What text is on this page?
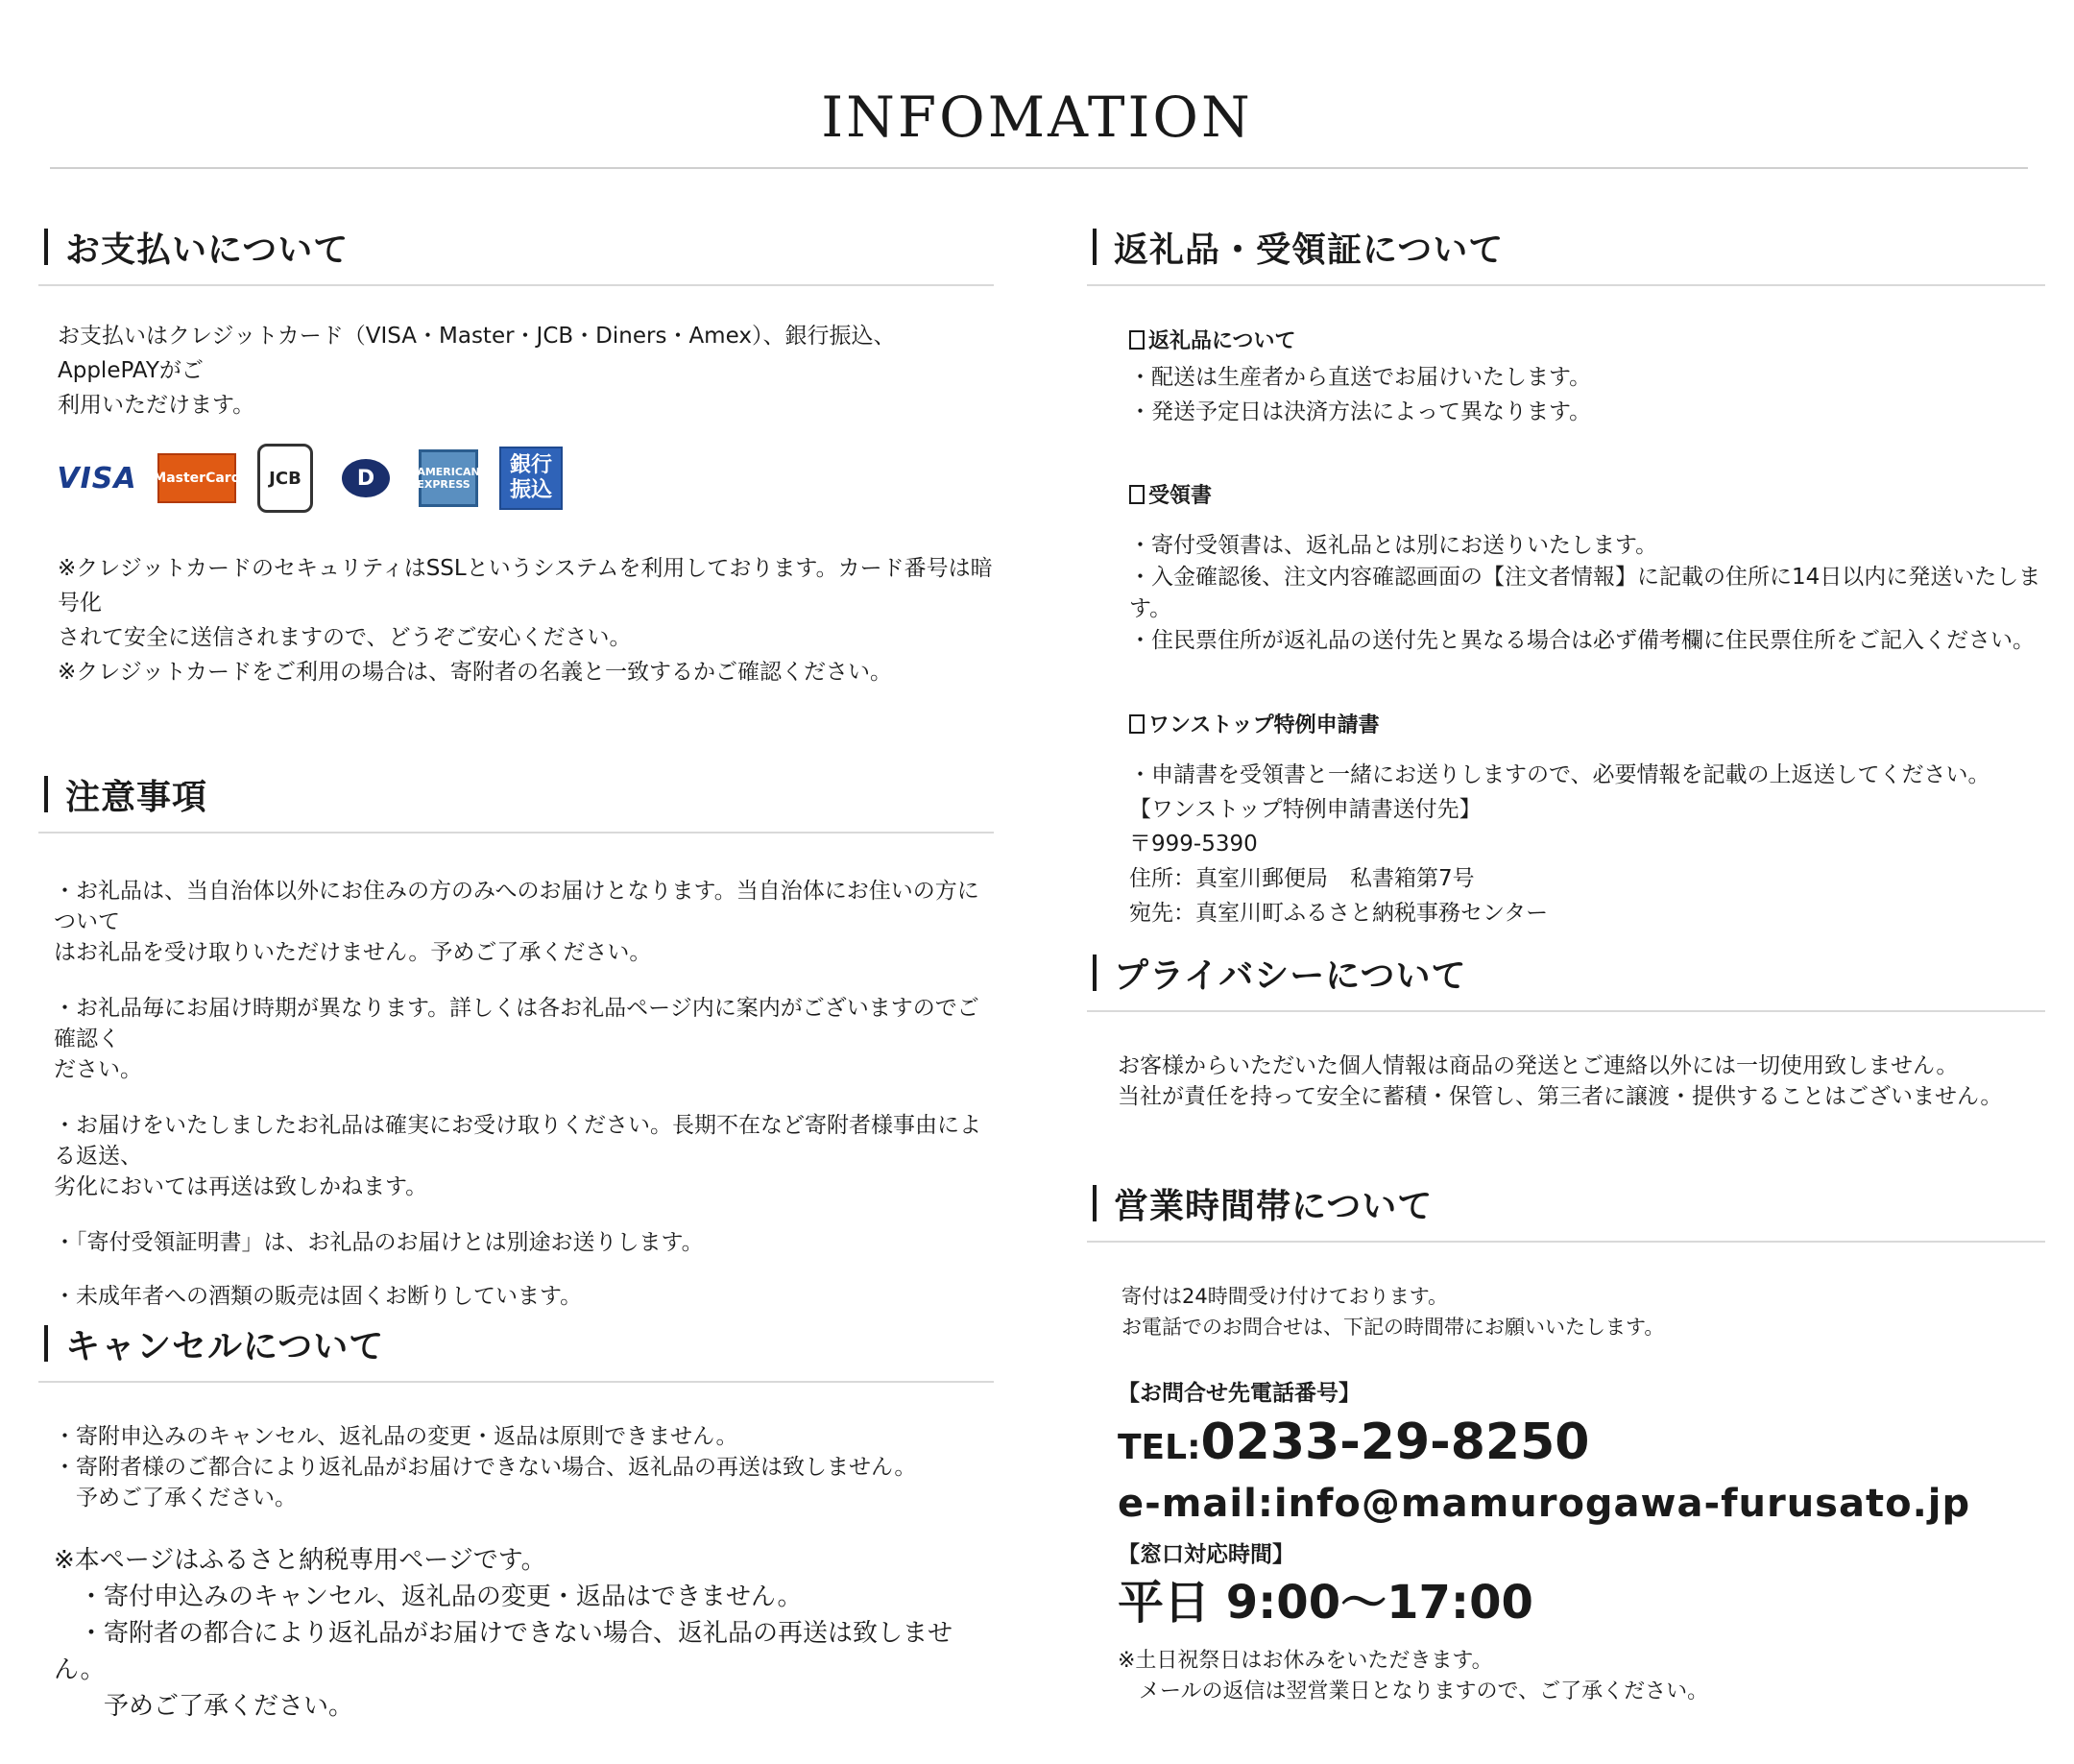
INFOMATION
お支払いについて

お支払いはクレジットカード（VISA・Master・JCB・Diners・Amex）、銀行振込、ApplePAYがご

利用いただけます。

VISA MasterCard	JCB	D	AMERICAN EXPRESS
銀行振込

※クレジットカードのセキュリティはSSLというシステムを利用しております。カード番号は暗号化

されて安全に送信されますので、どうぞご安心ください。

※クレジットカードをご利用の場合は、寄附者の名義と一致するかご確認ください。

注意事項

・お礼品は、当自治体以外にお住みの方のみへのお届けとなります。当自治体にお住いの方について

はお礼品を受け取りいただけません。予めご了承ください。

・お礼品毎にお届け時期が異なります。詳しくは各お礼品ページ内に案内がございますのでご確認く

ださい。

・お届けをいたしましたお礼品は確実にお受け取りください。長期不在など寄附者様事由による返送、

劣化においては再送は致しかねます。

・「寄付受領証明書」は、お礼品のお届けとは別途お送りします。

・未成年者への酒類の販売は固くお断りしています。

キャンセルについて

・寄附申込みのキャンセル、返礼品の変更・返品は原則できません。

・寄附者様のご都合により返礼品がお届けできない場合、返礼品の再送は致しません。

　予めご了承ください。

※本ページはふるさと納税専用ページです。

　・寄付申込みのキャンセル、返礼品の変更・返品はできません。

　・寄附者の都合により返礼品がお届けできない場合、返礼品の再送は致しません。

　　予めご了承ください。

返礼品・受領証について

返礼品について

・配送は生産者から直送でお届けいたします。

・発送予定日は決済方法によって異なります。

受領書

・寄付受領書は、返礼品とは別にお送りいたします。

・入金確認後、注文内容確認画面の【注文者情報】に記載の住所に14日以内に発送いたします。

・住民票住所が返礼品の送付先と異なる場合は必ず備考欄に住民票住所をご記入ください。

ワンストップ特例申請書

・申請書を受領書と一緒にお送りしますので、必要情報を記載の上返送してください。

【ワンストップ特例申請書送付先】

〒999-5390

住所：真室川郵便局　私書箱第7号

宛先：真室川町ふるさと納税事務センター

プライバシーについて

お客様からいただいた個人情報は商品の発送とご連絡以外には一切使用致しません。

当社が責任を持って安全に蓄積・保管し、第三者に譲渡・提供することはございません。

営業時間帯について

寄付は24時間受け付けております。

お電話でのお問合せは、下記の時間帯にお願いいたします。

【お問合せ先電話番号】

TEL:0233-29-8250

e-mail:info@mamurogawa-furusato.jp

【窓口対応時間】

平日 9:00～17:00

※土日祝祭日はお休みをいただきます。

　メールの返信は翌営業日となりますので、ご了承ください。
